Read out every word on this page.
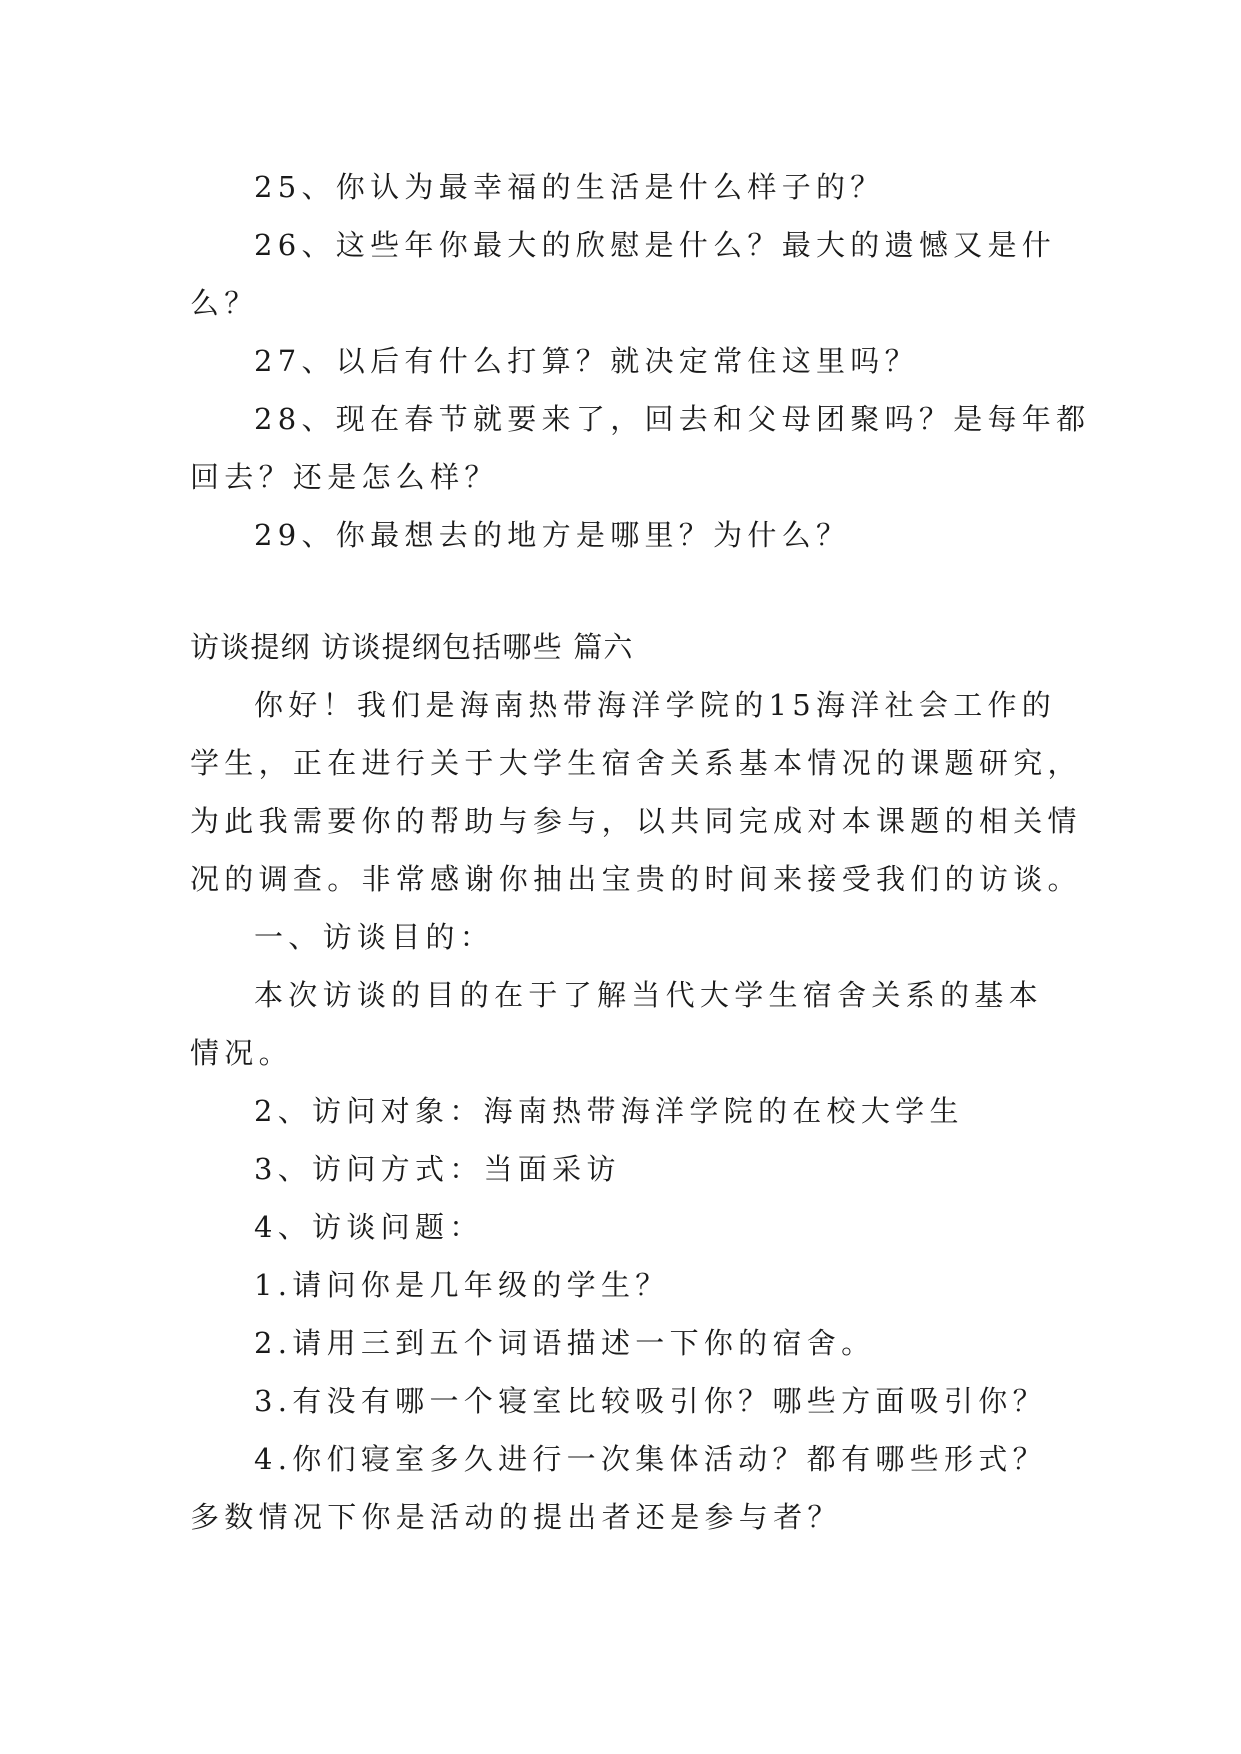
25、你认为最幸福的生活是什么样子的？
26、这些年你最大的欣慰是什么？最大的遗憾又是什
么？
27、以后有什么打算？就决定常住这里吗？
28、现在春节就要来了，回去和父母团聚吗？是每年都
回去？还是怎么样？
29、你最想去的地方是哪里？为什么？
访谈提纲 访谈提纲包括哪些 篇六
你好！我们是海南热带海洋学院的15海洋社会工作的
学生，正在进行关于大学生宿舍关系基本情况的课题研究，
为此我需要你的帮助与参与，以共同完成对本课题的相关情
况的调查。非常感谢你抽出宝贵的时间来接受我们的访谈。
一、访谈目的：
本次访谈的目的在于了解当代大学生宿舍关系的基本
情况。
2、访问对象：海南热带海洋学院的在校大学生
3、访问方式：当面采访
4、访谈问题：
1.请问你是几年级的学生？
2.请用三到五个词语描述一下你的宿舍。
3.有没有哪一个寝室比较吸引你？哪些方面吸引你？
4.你们寝室多久进行一次集体活动？都有哪些形式？
多数情况下你是活动的提出者还是参与者？
